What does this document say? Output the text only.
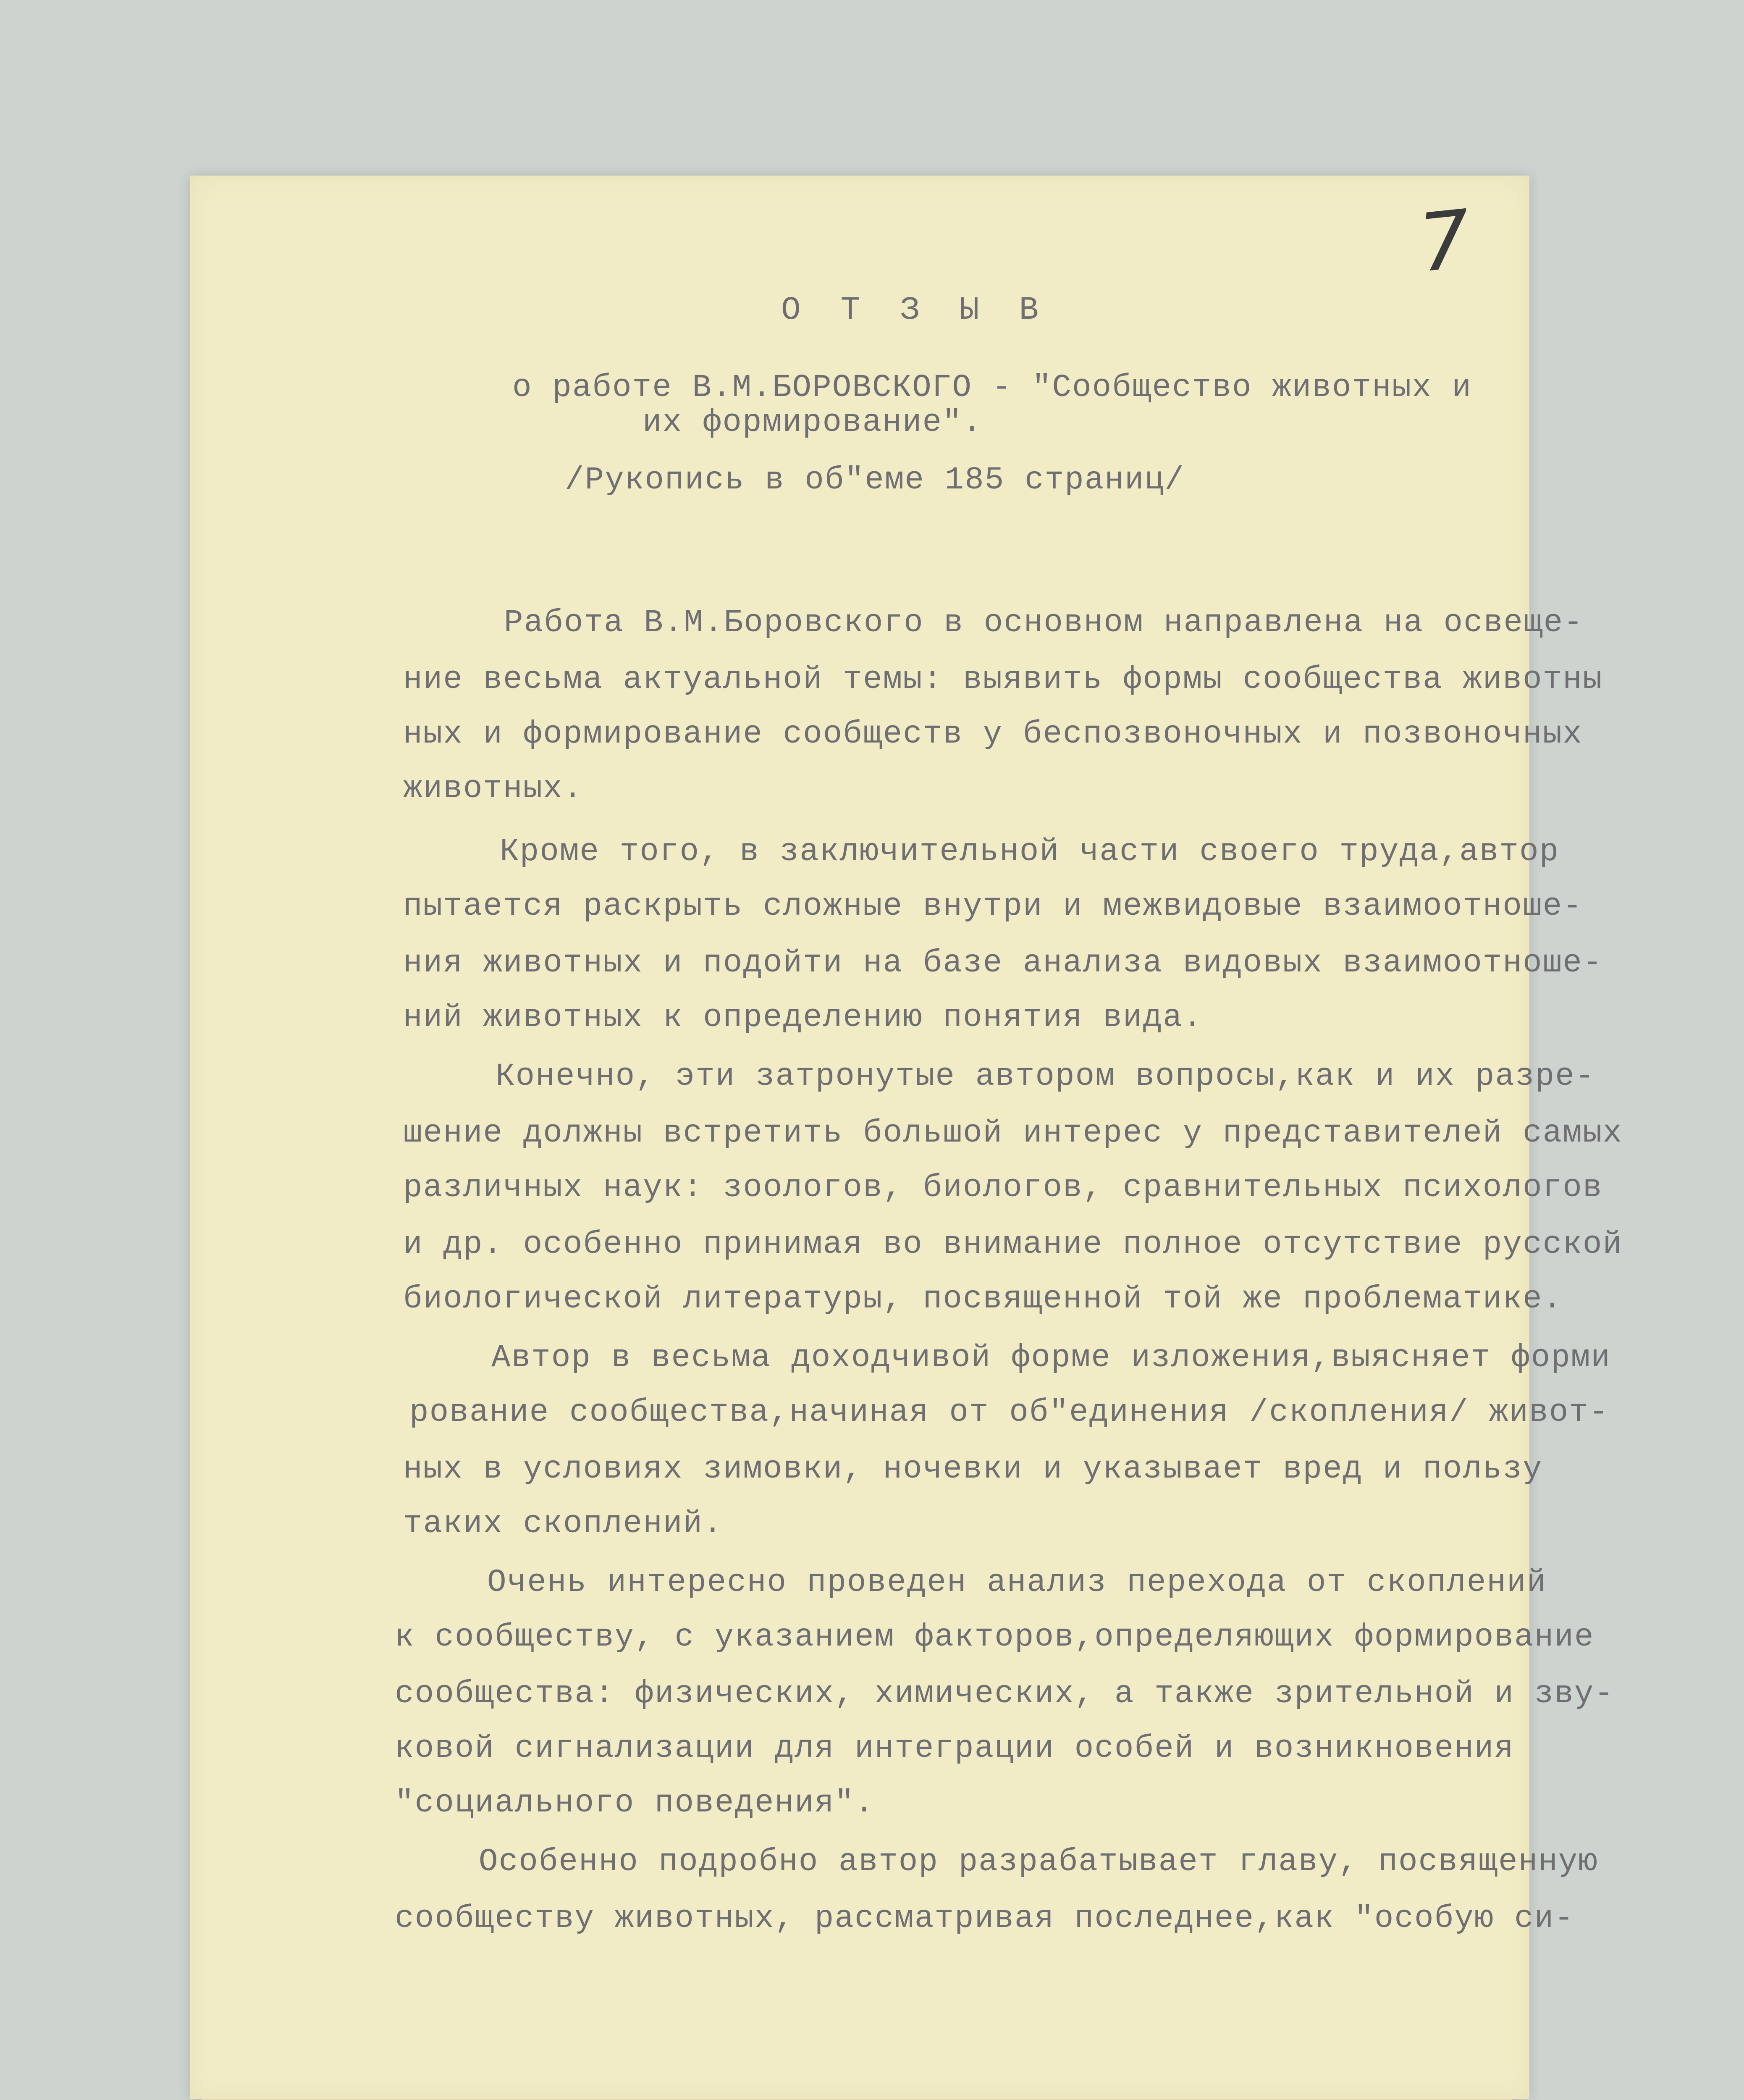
7
О Т З Ы В
о работе В.М.БОРОВСКОГО - "Сообщество животных и
их формирование".
/Рукопись в об"еме 185 страниц/
Работа В.М.Боровского в основном направлена на освеще-
ние весьма актуальной темы: выявить формы сообщества животны
ных и формирование сообществ у беспозвоночных и позвоночных
животных.
Кроме того, в заключительной части своего труда,автор
пытается раскрыть сложные внутри и межвидовые взаимоотноше-
ния животных и подойти на базе анализа видовых взаимоотноше-
ний животных к определению понятия вида.
Конечно, эти затронутые автором вопросы,как и их разре-
шение должны встретить большой интерес у представителей самых
различных наук: зоологов, биологов, сравнительных психологов
и др. особенно принимая во внимание полное отсутствие русской
биологической литературы, посвященной той же проблематике.
Автор в весьма доходчивой форме изложения,выясняет форми
рование сообщества,начиная от об"единения /скопления/ живот-
ных в условиях зимовки, ночевки и указывает вред и пользу
таких скоплений.
Очень интересно проведен анализ перехода от скоплений
к сообществу, с указанием факторов,определяющих формирование
сообщества: физических, химических, а также зрительной и зву-
ковой сигнализации для интеграции особей и возникновения
"социального поведения".
Особенно подробно автор разрабатывает главу, посвященную
сообществу животных, рассматривая последнее,как "особую си-
